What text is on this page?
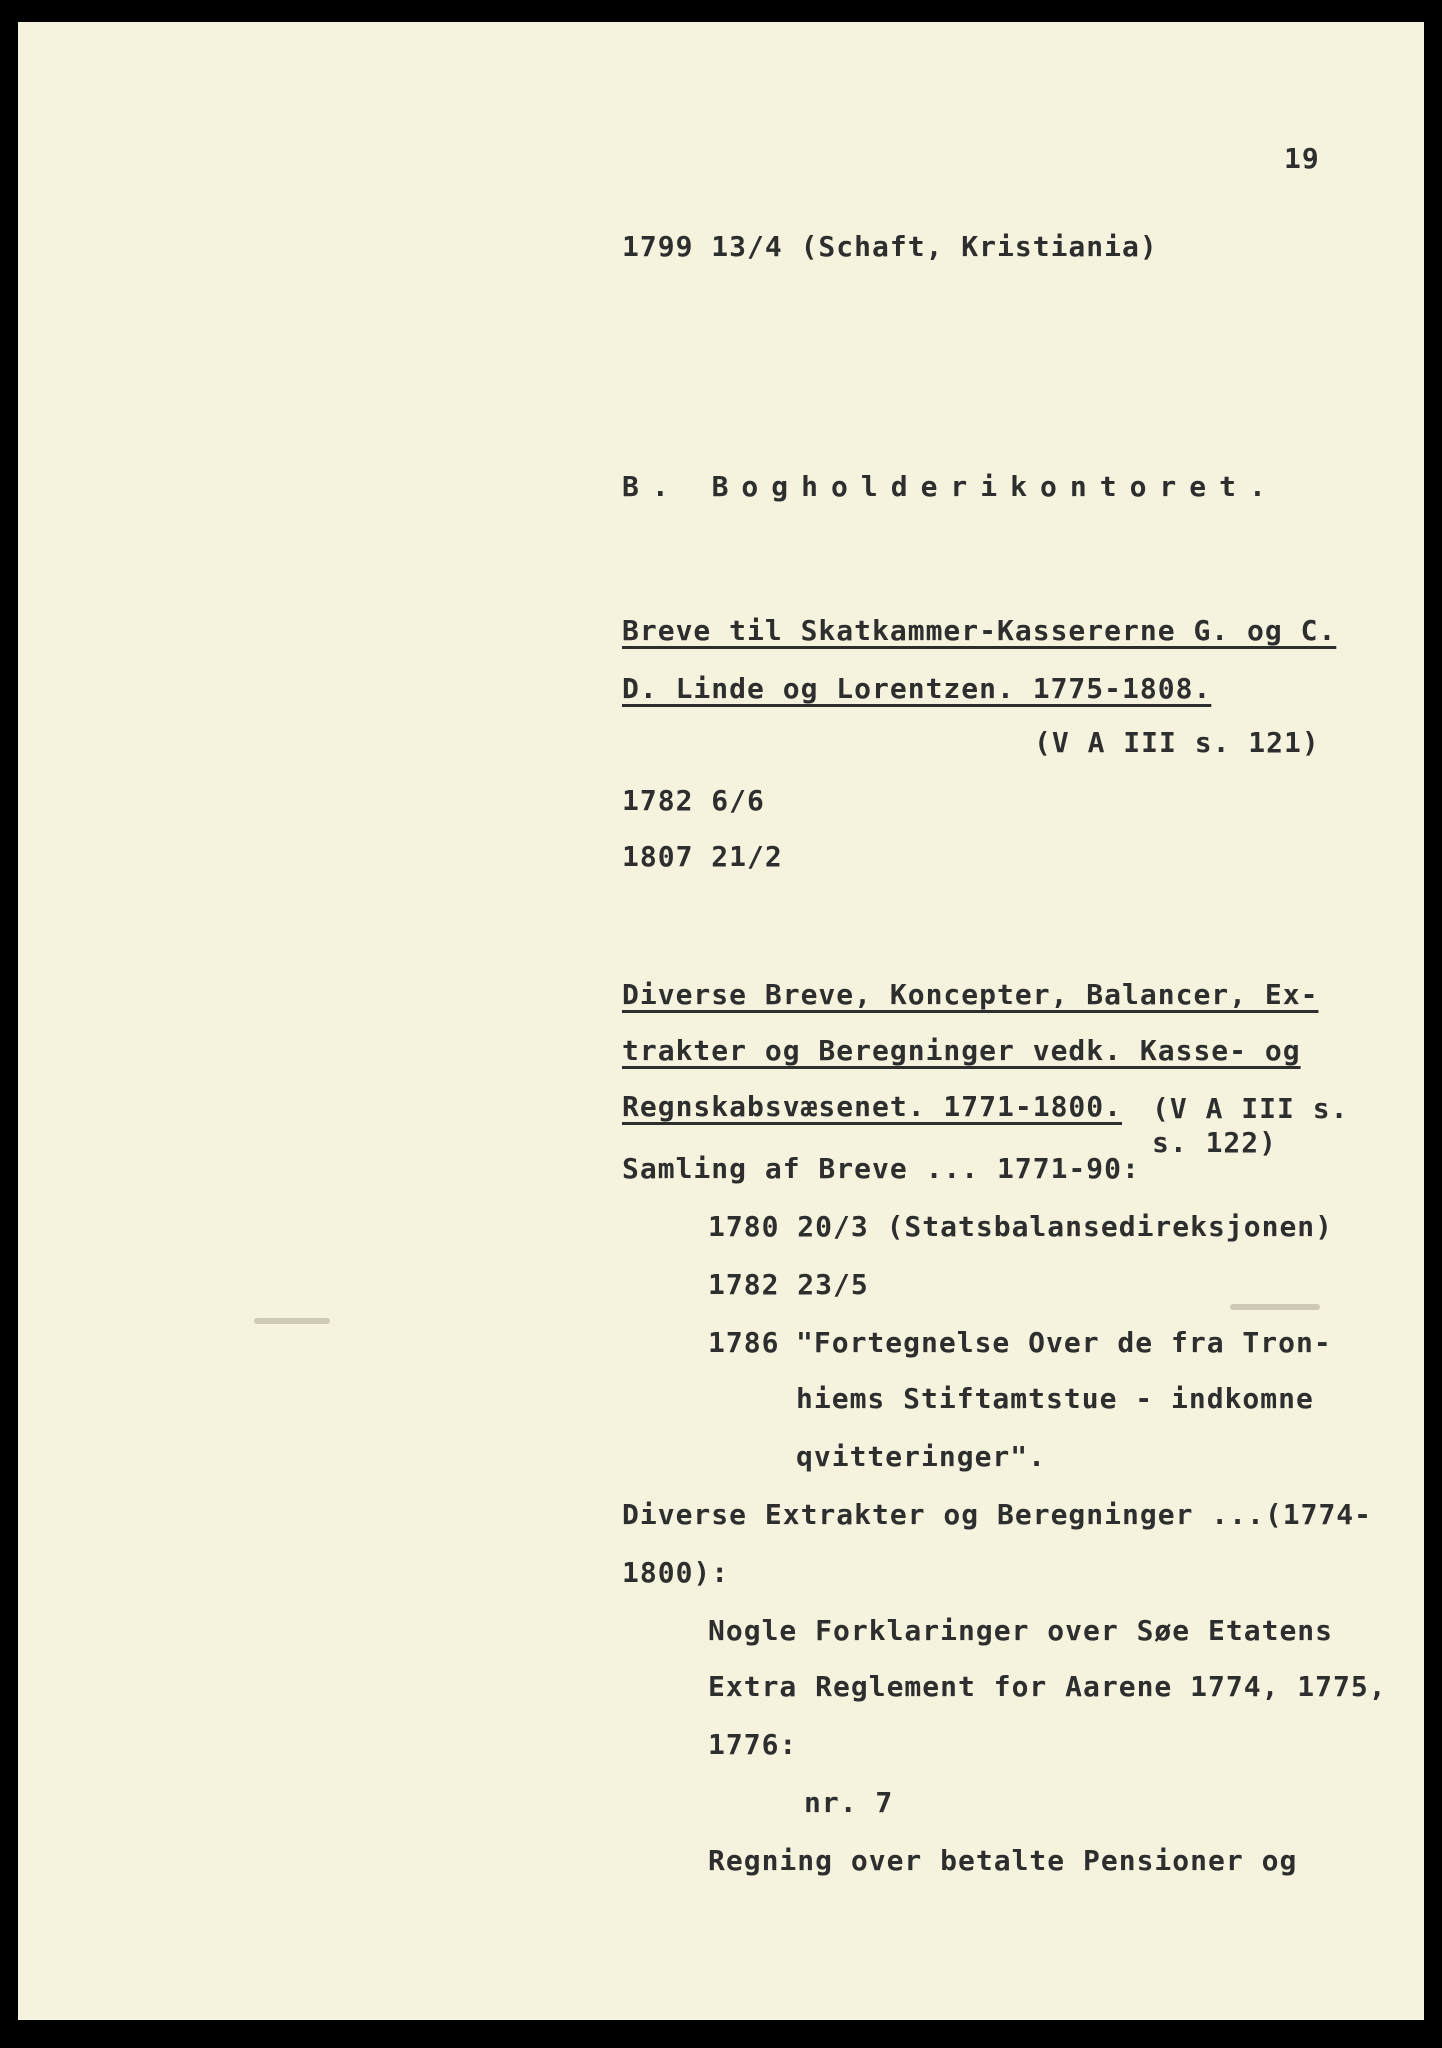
19
1799 13/4 (Schaft, Kristiania)
B. Bogholderikontoret.
Breve til Skatkammer-Kassererne G. og C.
D. Linde og Lorentzen. 1775-1808.
(V A III s. 121)
1782 6/6
1807 21/2
Diverse Breve, Koncepter, Balancer, Ex-
trakter og Beregninger vedk. Kasse- og
Regnskabsvæsenet. 1771-1800. (V A III s.
s. 122)
Samling af Breve ... 1771-90:
1780 20/3 (Statsbalansedireksjonen)
1782 23/5
1786 "Fortegnelse Over de fra Tron-
hiems Stiftamtstue - indkomne
qvitteringer".
Diverse Extrakter og Beregninger ...(1774-
1800):
Nogle Forklaringer over Søe Etatens
Extra Reglement for Aarene 1774, 1775,
1776:
nr. 7
Regning over betalte Pensioner og
